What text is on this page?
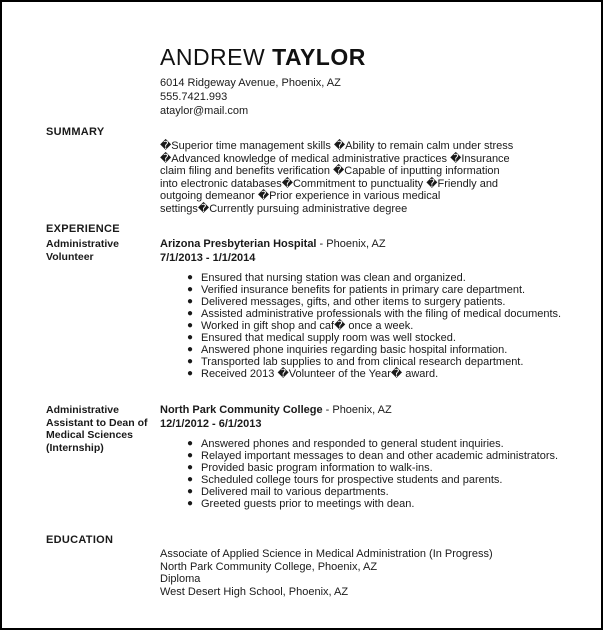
ANDREW TAYLOR
6014 Ridgeway Avenue, Phoenix, AZ
555.7421.993
ataylor@mail.com
SUMMARY
�Superior time management skills �Ability to remain calm under stress
�Advanced knowledge of medical administrative practices �Insurance
claim filing and benefits verification �Capable of inputting information
into electronic databases�Commitment to punctuality �Friendly and
outgoing demeanor �Prior experience in various medical
settings�Currently pursuing administrative degree
EXPERIENCE
Administrative
Volunteer
Arizona Presbyterian Hospital - Phoenix, AZ
7/1/2013 - 1/1/2014
● Ensured that nursing station was clean and organized.
● Verified insurance benefits for patients in primary care department.
● Delivered messages, gifts, and other items to surgery patients.
● Assisted administrative professionals with the filing of medical documents.
● Worked in gift shop and caf� once a week.
● Ensured that medical supply room was well stocked.
● Answered phone inquiries regarding basic hospital information.
● Transported lab supplies to and from clinical research department.
● Received 2013 �Volunteer of the Year� award.
Administrative
Assistant to Dean of
Medical Sciences
(Internship)
North Park Community College - Phoenix, AZ
12/1/2012 - 6/1/2013
● Answered phones and responded to general student inquiries.
● Relayed important messages to dean and other academic administrators.
● Provided basic program information to walk-ins.
● Scheduled college tours for prospective students and parents.
● Delivered mail to various departments.
● Greeted guests prior to meetings with dean.
EDUCATION
Associate of Applied Science in Medical Administration (In Progress)
North Park Community College, Phoenix, AZ
Diploma
West Desert High School, Phoenix, AZ
